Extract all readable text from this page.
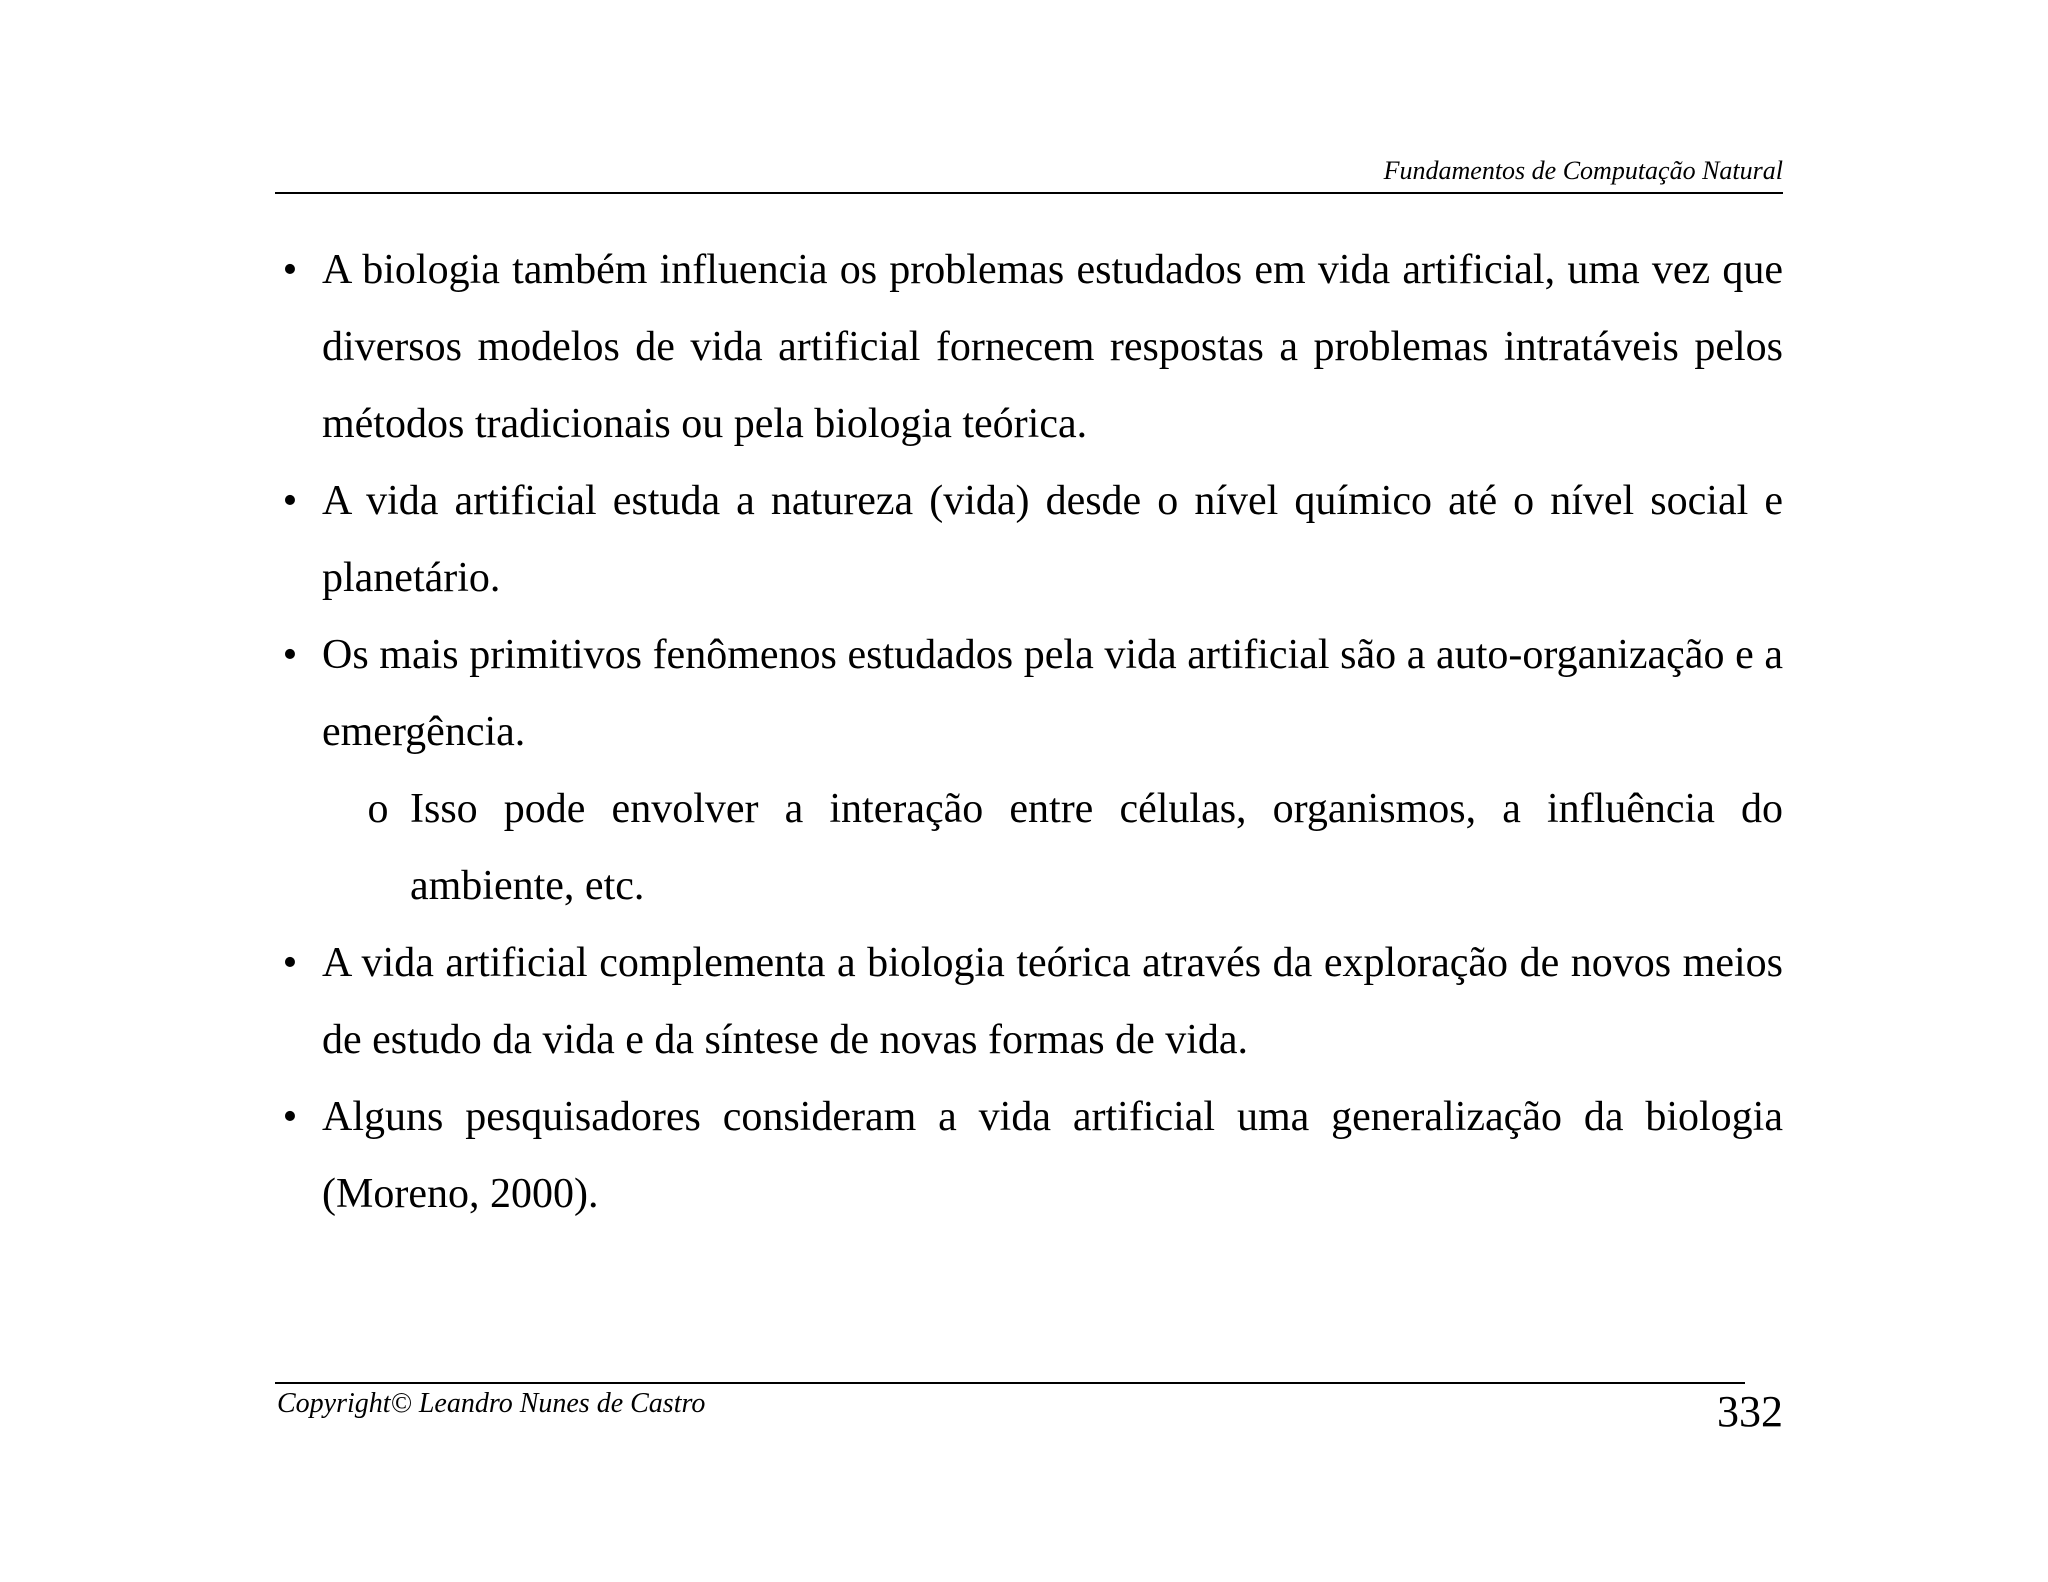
Fundamentos de Computação Natural
• A biologia também influencia os problemas estudados em vida artificial, uma vez que diversos modelos de vida artificial fornecem respostas a problemas intratáveis pelos métodos tradicionais ou pela biologia teórica.
• A vida artificial estuda a natureza (vida) desde o nível químico até o nível social e planetário.
• Os mais primitivos fenômenos estudados pela vida artificial são a auto-organização e a emergência.
o Isso pode envolver a interação entre células, organismos, a influência do ambiente, etc.
• A vida artificial complementa a biologia teórica através da exploração de novos meios de estudo da vida e da síntese de novas formas de vida.
• Alguns pesquisadores consideram a vida artificial uma generalização da biologia (Moreno, 2000).
Copyright© Leandro Nunes de Castro	332
